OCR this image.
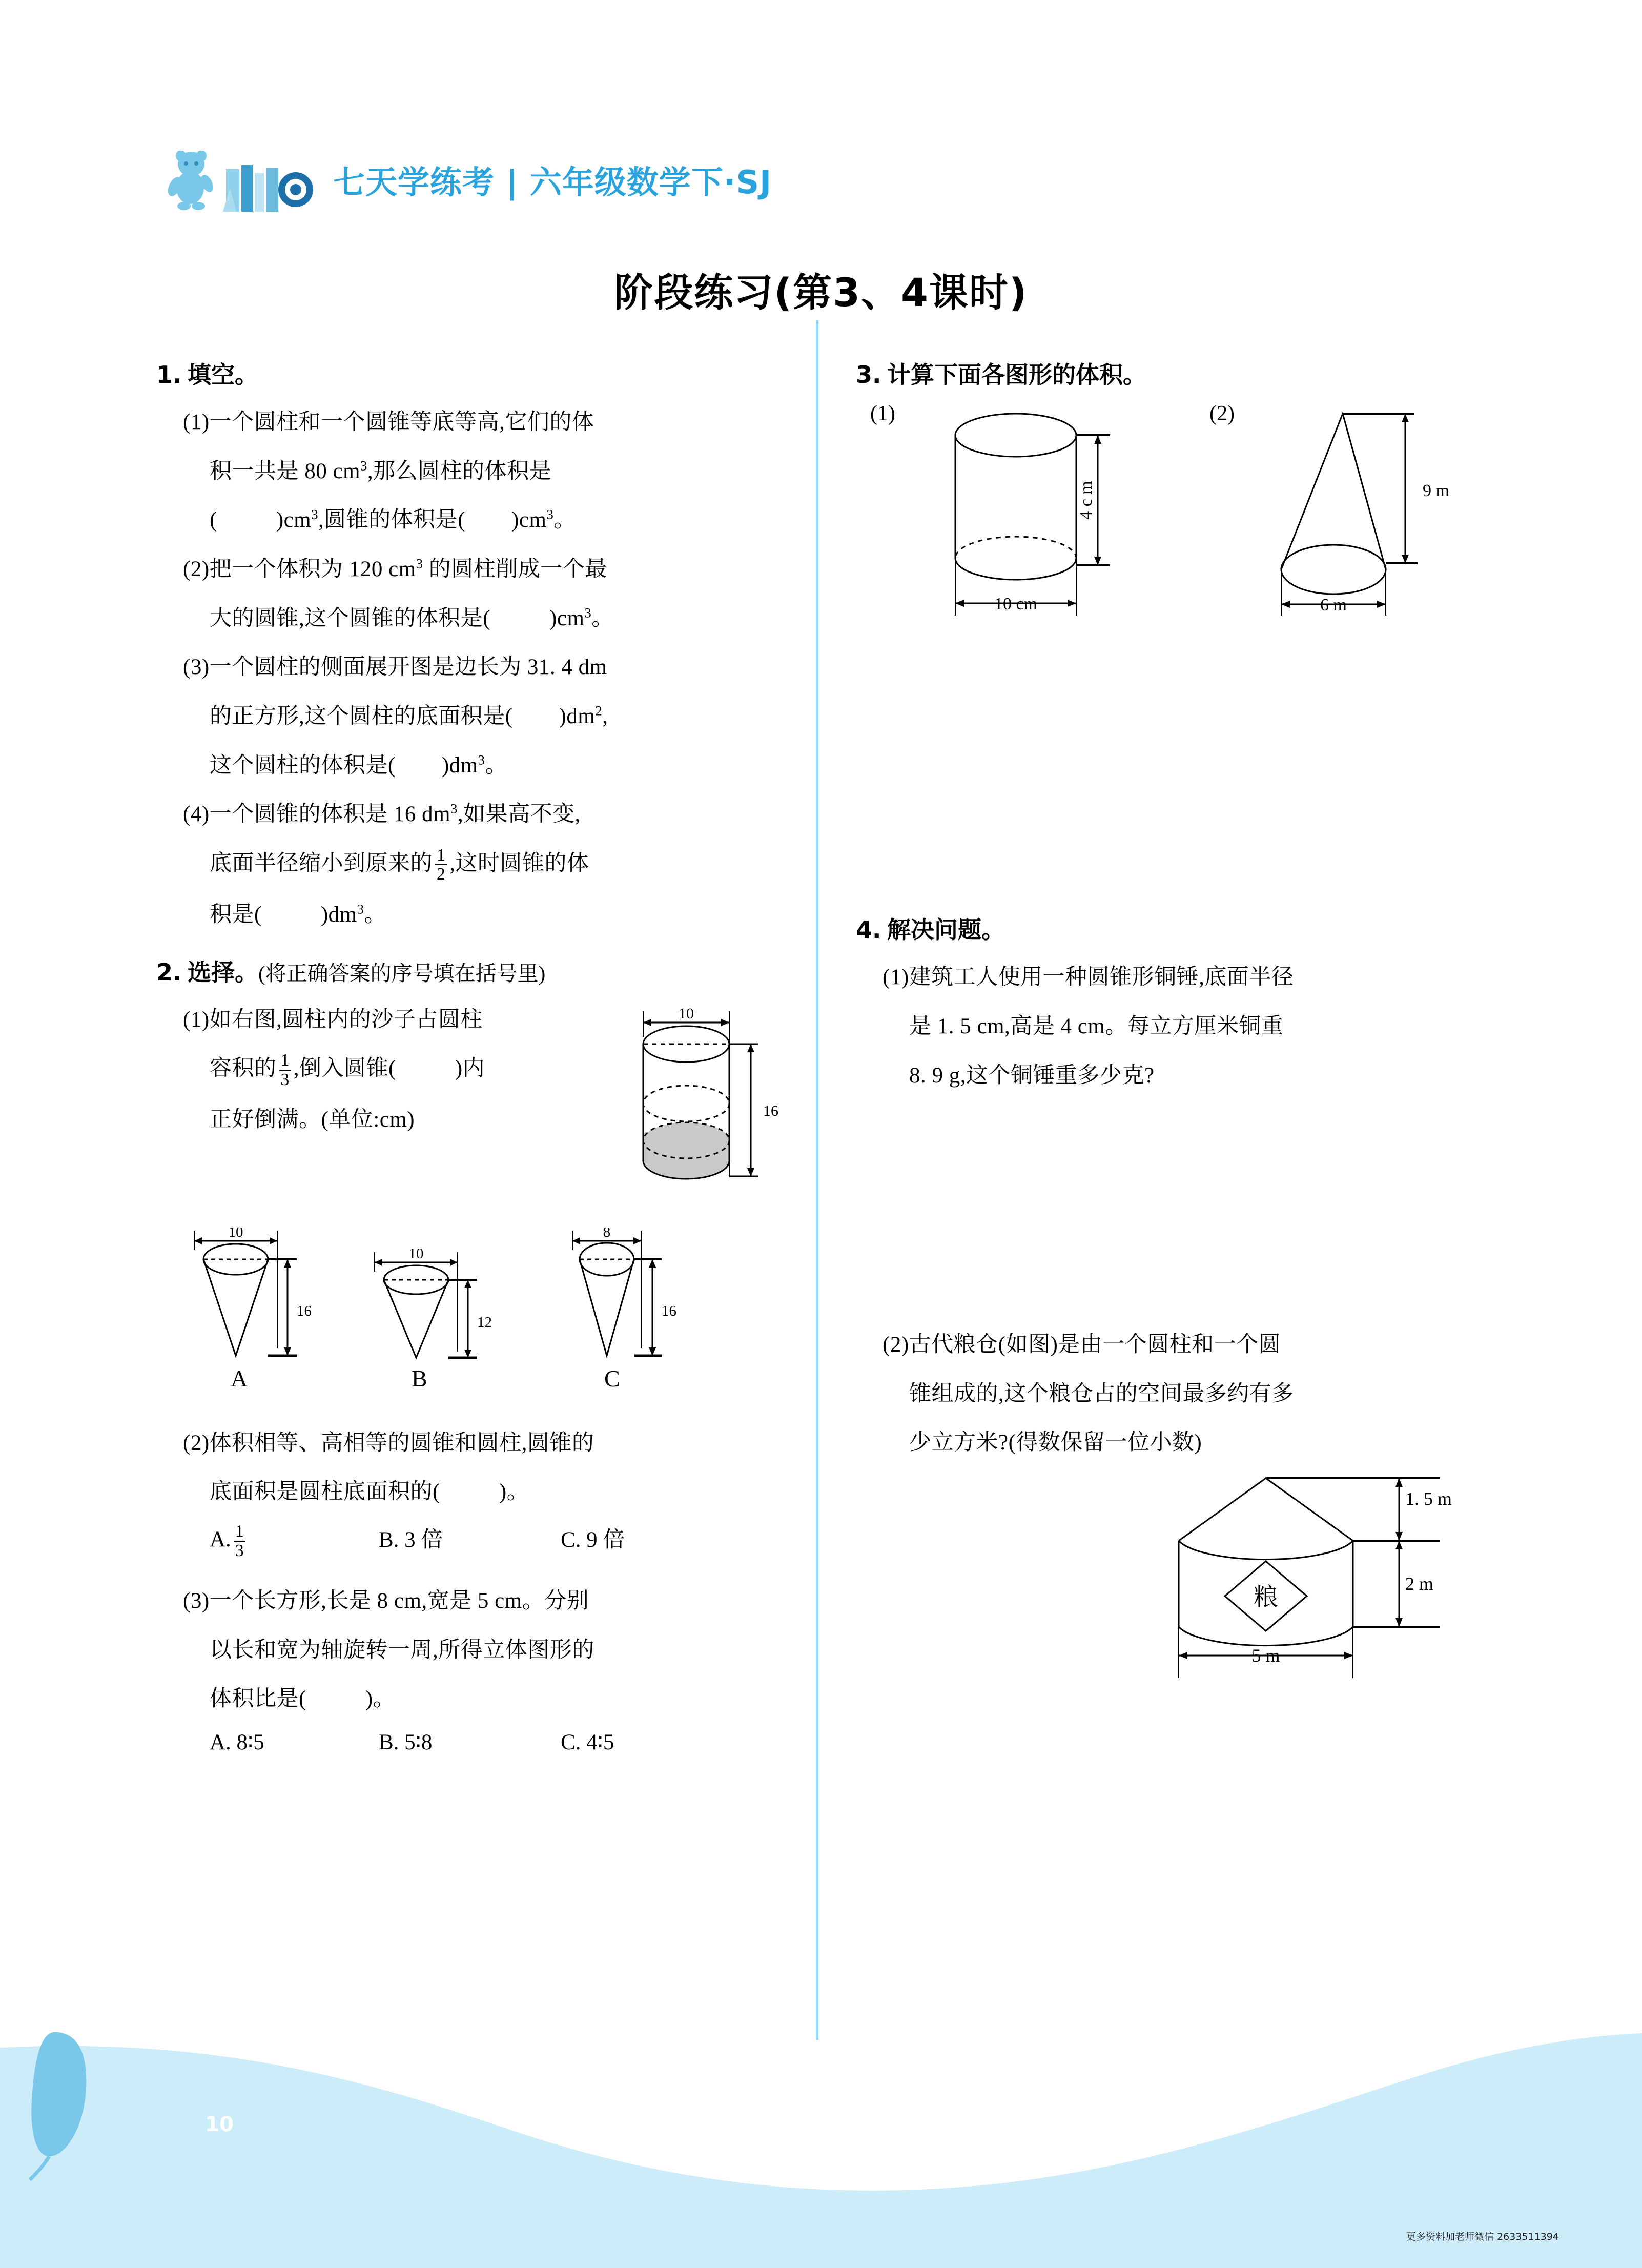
七天学练考 | 六年级数学下·SJ
阶段练习(第3、4课时)
1. 填空。
(1)一个圆柱和一个圆锥等底等高,它们的体
积一共是 80 $cm^3$,那么圆柱的体积是
(	)$cm^3$,圆锥的体积是( )$cm^3$。
(2)把一个体积为 120 $cm^3$ 的圆柱削成一个最
大的圆锥,这个圆锥的体积是(	)$cm^3$。
(3)一个圆柱的侧面展开图是边长为 31. 4 dm
的正方形,这个圆柱的底面积是( )$dm^2$,
这个圆柱的体积是( )$dm^3$。
(4)一个圆锥的体积是 16 $dm^3$,如果高不变,
底面半径缩小到原来的 $\frac{1}{2}$ ,这时圆锥的体
积是(	)$dm^3$。
2. 选择。(将正确答案的序号填在括号里)
(1)如右图,圆柱内的沙子占圆柱
容积的 $\frac{1}{3}$ ,倒入圆锥(	)内
正好倒满。(单位:cm)
10
16
10
16
A
10
12
B
8
16
C
(2)体积相等、高相等的圆锥和圆柱,圆锥的
底面积是圆柱底面积的(	)。
A. $\frac{1}{3}$	B. 3 倍	C. 9 倍
(3)一个长方形,长是 8 cm,宽是 5 cm。分别
以长和宽为轴旋转一周,所得立体图形的
体积比是(	)。
A. 8∶5	B. 5∶8	C. 4∶5
3. 计算下面各图形的体积。
(1)
4 c m
10 cm
(2)
9 m
6 m
4. 解决问题。
(1)建筑工人使用一种圆锥形铜锤,底面半径
是 1. 5 cm,高是 4 cm。每立方厘米铜重
8. 9 g,这个铜锤重多少克?
(2)古代粮仓(如图)是由一个圆柱和一个圆
锥组成的,这个粮仓占的空间最多约有多
少立方米?(得数保留一位小数)
粮
1. 5 m
2 m
5 m
10
更多资料加老师微信 2633511394
